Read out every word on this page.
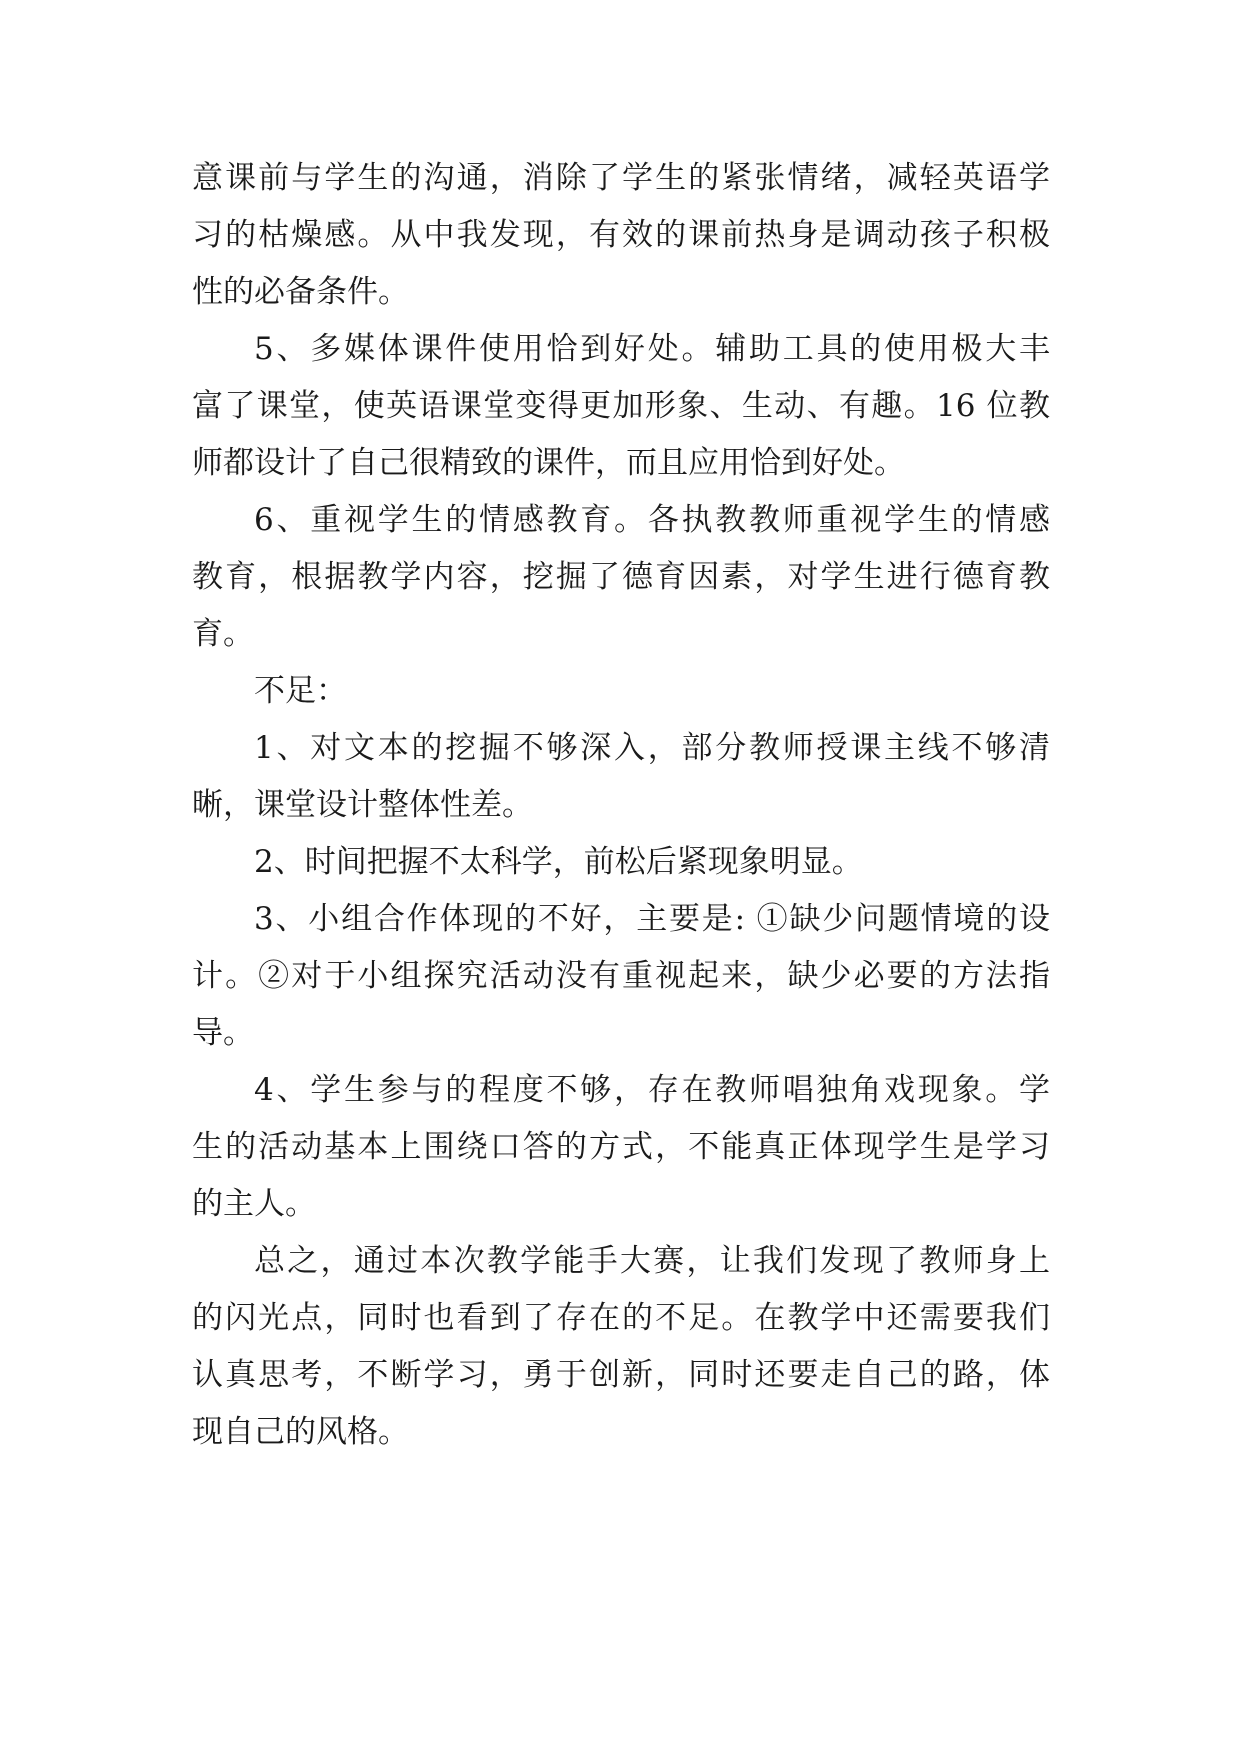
意课前与学生的沟通，消除了学生的紧张情绪，减轻英语学
习的枯燥感。从中我发现，有效的课前热身是调动孩子积极
性的必备条件。
5、多媒体课件使用恰到好处。辅助工具的使用极大丰
富了课堂，使英语课堂变得更加形象、生动、有趣。16 位教
师都设计了自己很精致的课件，而且应用恰到好处。
6、重视学生的情感教育。各执教教师重视学生的情感
教育，根据教学内容，挖掘了德育因素，对学生进行德育教
育。
不足：
1、对文本的挖掘不够深入，部分教师授课主线不够清
晰，课堂设计整体性差。
2、时间把握不太科学，前松后紧现象明显。
3、小组合作体现的不好，主要是: ①缺少问题情境的设
计。②对于小组探究活动没有重视起来，缺少必要的方法指
导。
4、学生参与的程度不够，存在教师唱独角戏现象。学
生的活动基本上围绕口答的方式，不能真正体现学生是学习
的主人。
总之，通过本次教学能手大赛，让我们发现了教师身上
的闪光点，同时也看到了存在的不足。在教学中还需要我们
认真思考，不断学习，勇于创新，同时还要走自己的路，体
现自己的风格。
